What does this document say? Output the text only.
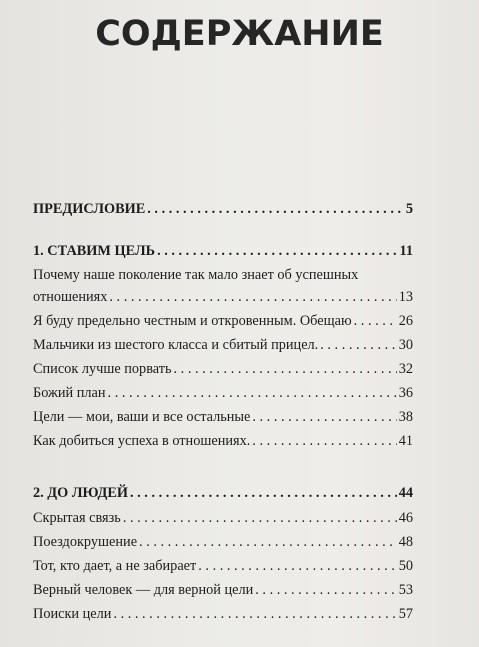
СОДЕРЖАНИЕ
ПРЕДИСЛОВИЕ . . .	5
1. СТАВИМ ЦЕЛЬ . . .	11
Почему наше поколение так мало знает об успешных
отношениях . . .	13
Я буду предельно честным и откровенным. Обещаю . . .	26
Мальчики из шестого класса и сбитый прицел. . . .	30
Список лучше порвать . . .	32
Божий план . . .	36
Цели — мои, ваши и все остальные . . .	38
Как добиться успеха в отношениях. . . .	41
2. ДО ЛЮДЕЙ . . .	44
Скрытая связь . . .	46
Поездокрушение . . .	48
Тот, кто дает, а не забирает . . .	50
Верный человек — для верной цели . . .	53
Поиски цели . . .	57
